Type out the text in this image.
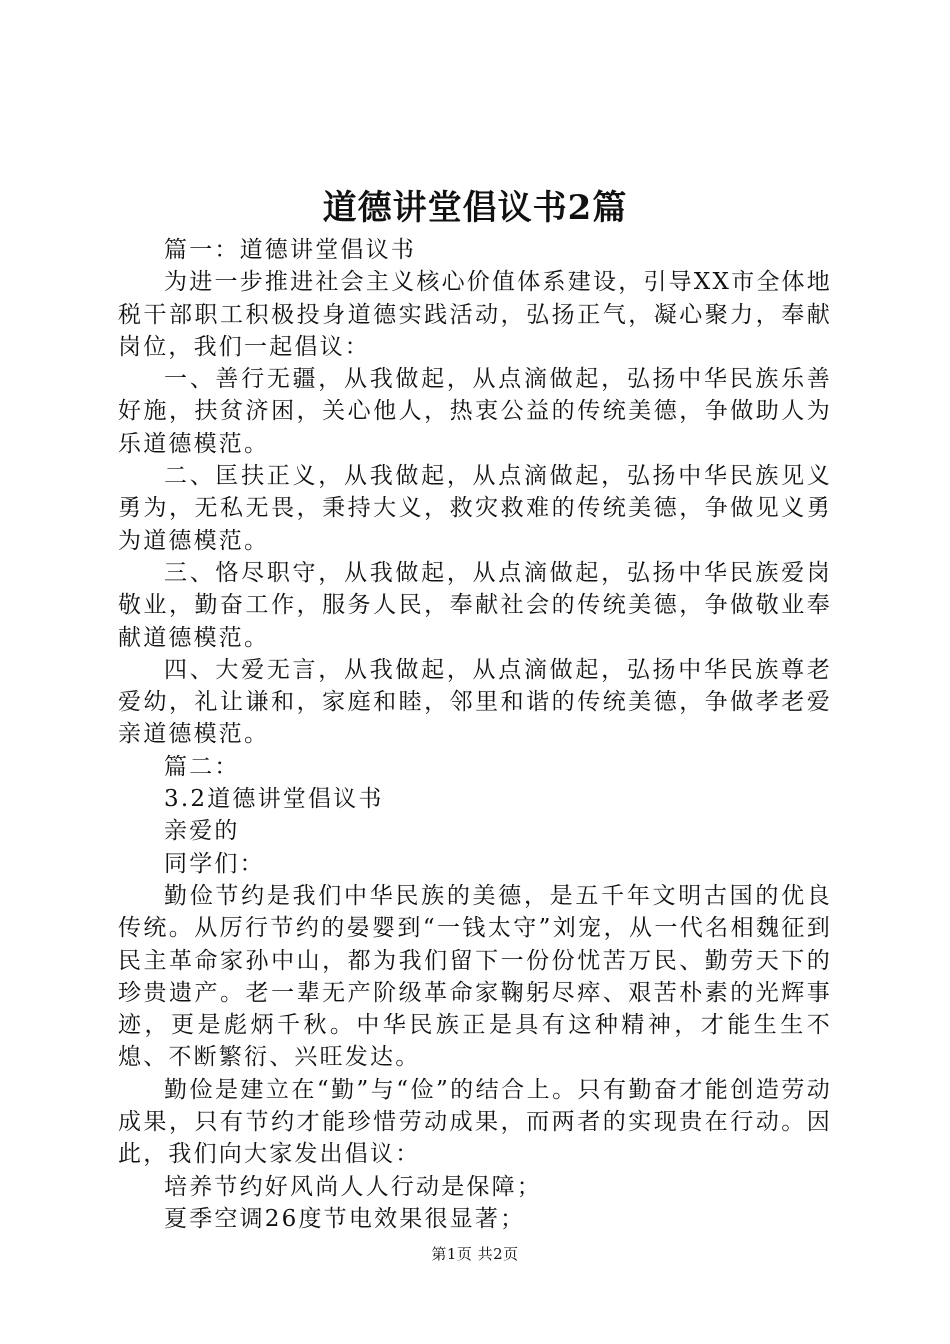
道德讲堂倡议书2篇

篇一：道德讲堂倡议书

为进一步推进社会主义核心价值体系建设，引导XX市全体地税干部职工积极投身道德实践活动，弘扬正气，凝心聚力，奉献岗位，我们一起倡议：

一、善行无疆，从我做起，从点滴做起，弘扬中华民族乐善好施，扶贫济困，关心他人，热衷公益的传统美德，争做助人为乐道德模范。

二、匡扶正义，从我做起，从点滴做起，弘扬中华民族见义勇为，无私无畏，秉持大义，救灾救难的传统美德，争做见义勇为道德模范。

三、恪尽职守，从我做起，从点滴做起，弘扬中华民族爱岗敬业，勤奋工作，服务人民，奉献社会的传统美德，争做敬业奉献道德模范。

四、大爱无言，从我做起，从点滴做起，弘扬中华民族尊老爱幼，礼让谦和，家庭和睦，邻里和谐的传统美德，争做孝老爱亲道德模范。

篇二：

3.2道德讲堂倡议书

亲爱的

同学们：

勤俭节约是我们中华民族的美德，是五千年文明古国的优良传统。从厉行节约的晏婴到“一钱太守”刘宠，从一代名相魏征到民主革命家孙中山，都为我们留下一份份忧苦万民、勤劳天下的珍贵遗产。老一辈无产阶级革命家鞠躬尽瘁、艰苦朴素的光辉事迹，更是彪炳千秋。中华民族正是具有这种精神，才能生生不熄、不断繁衍、兴旺发达。

勤俭是建立在“勤”与“俭”的结合上。只有勤奋才能创造劳动成果，只有节约才能珍惜劳动成果，而两者的实现贵在行动。因此，我们向大家发出倡议：

培养节约好风尚人人行动是保障；

夏季空调26度节电效果很显著；

第1页 共2页
